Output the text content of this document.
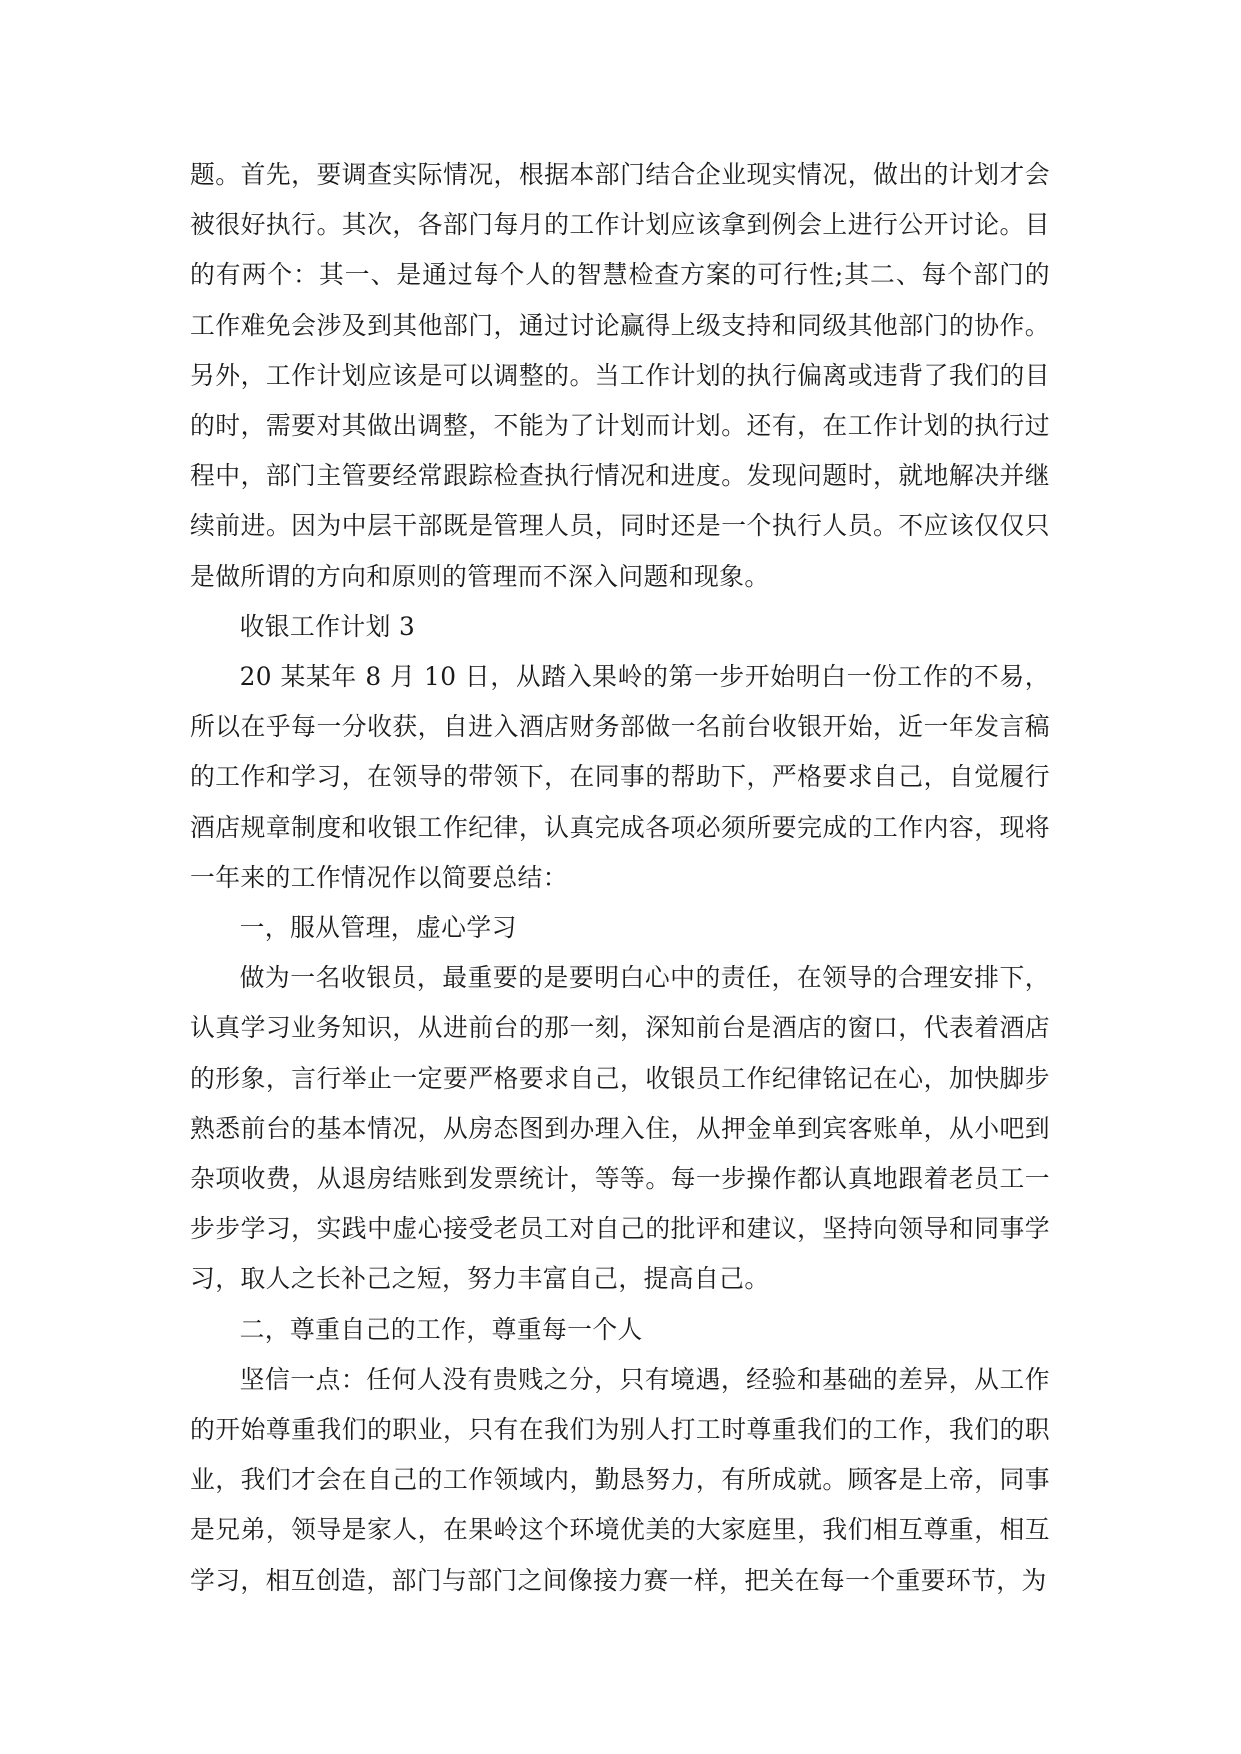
题。首先，要调查实际情况，根据本部门结合企业现实情况，做出的计划才会被很好执行。其次，各部门每月的工作计划应该拿到例会上进行公开讨论。目的有两个：其一、是通过每个人的智慧检查方案的可行性;其二、每个部门的工作难免会涉及到其他部门，通过讨论赢得上级支持和同级其他部门的协作。另外，工作计划应该是可以调整的。当工作计划的执行偏离或违背了我们的目的时，需要对其做出调整，不能为了计划而计划。还有，在工作计划的执行过程中，部门主管要经常跟踪检查执行情况和进度。发现问题时，就地解决并继续前进。因为中层干部既是管理人员，同时还是一个执行人员。不应该仅仅只是做所谓的方向和原则的管理而不深入问题和现象。

收银工作计划 3

20 某某年 8 月 10 日，从踏入果岭的第一步开始明白一份工作的不易，所以在乎每一分收获，自进入酒店财务部做一名前台收银开始，近一年发言稿的工作和学习，在领导的带领下，在同事的帮助下，严格要求自己，自觉履行酒店规章制度和收银工作纪律，认真完成各项必须所要完成的工作内容，现将一年来的工作情况作以简要总结：

一，服从管理，虚心学习

做为一名收银员，最重要的是要明白心中的责任，在领导的合理安排下，认真学习业务知识，从进前台的那一刻，深知前台是酒店的窗口，代表着酒店的形象，言行举止一定要严格要求自己，收银员工作纪律铭记在心，加快脚步熟悉前台的基本情况，从房态图到办理入住，从押金单到宾客账单，从小吧到杂项收费，从退房结账到发票统计，等等。每一步操作都认真地跟着老员工一步步学习，实践中虚心接受老员工对自己的批评和建议，坚持向领导和同事学习，取人之长补己之短，努力丰富自己，提高自己。

二，尊重自己的工作，尊重每一个人

坚信一点：任何人没有贵贱之分，只有境遇，经验和基础的差异，从工作的开始尊重我们的职业，只有在我们为别人打工时尊重我们的工作，我们的职业，我们才会在自己的工作领域内，勤恳努力，有所成就。顾客是上帝，同事是兄弟，领导是家人，在果岭这个环境优美的大家庭里，我们相互尊重，相互学习，相互创造，部门与部门之间像接力赛一样，把关在每一个重要环节，为
